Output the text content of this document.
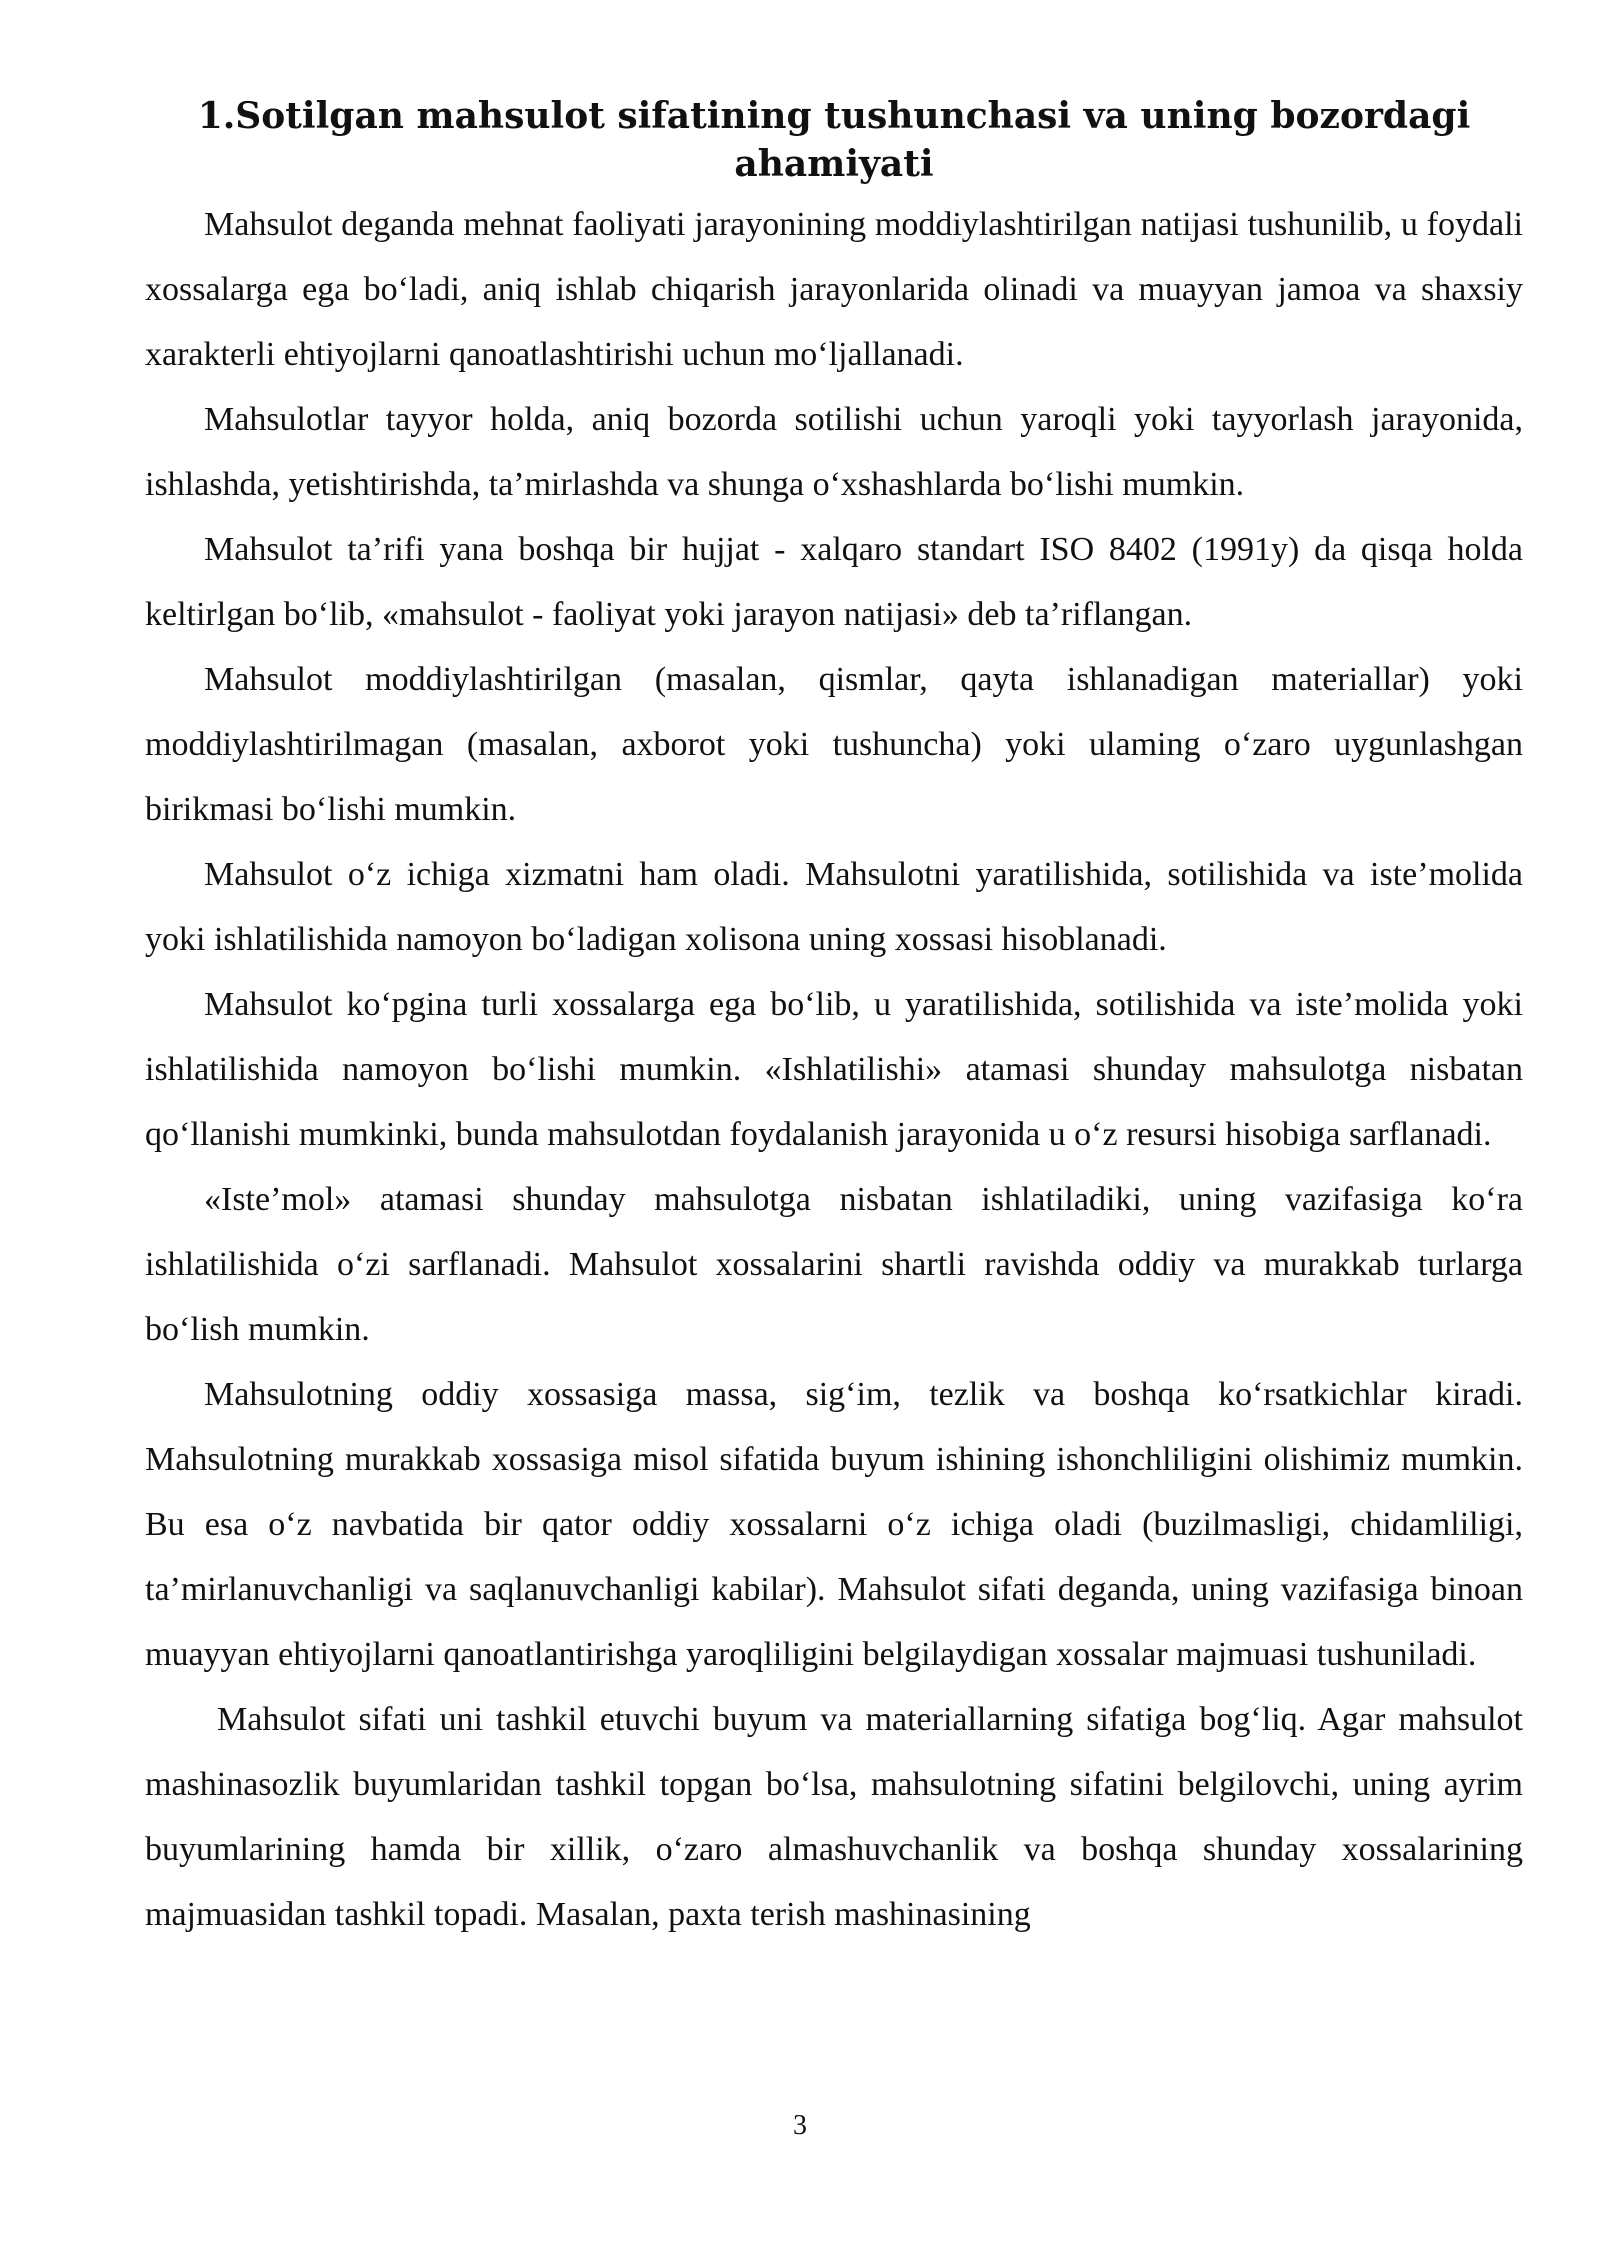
1.Sotilgan mahsulot sifatining tushunchasi va uning bozordagi ahamiyati

Mahsulot deganda mehnat faoliyati jarayonining moddiylashtirilgan natijasi tushunilib, u foydali xossalarga ega bo‘ladi, aniq ishlab chiqarish jarayonlarida olinadi va muayyan jamoa va shaxsiy xarakterli ehtiyojlarni qanoatlashtirishi uchun mo‘ljallanadi.

Mahsulotlar tayyor holda, aniq bozorda sotilishi uchun yaroqli yoki tayyorlash jarayonida, ishlashda, yetishtirishda, ta’mirlashda va shunga o‘xshashlarda bo‘lishi mumkin.

Mahsulot ta’rifi yana boshqa bir hujjat - xalqaro standart ISO 8402 (1991y) da qisqa holda keltirlgan bo‘lib, «mahsulot - faoliyat yoki jarayon natijasi» deb ta’riflangan.

Mahsulot moddiylashtirilgan (masalan, qismlar, qayta ishlanadigan materiallar) yoki moddiylashtirilmagan (masalan, axborot yoki tushuncha) yoki ulaming o‘zaro uygunlashgan birikmasi bo‘lishi mumkin.

Mahsulot o‘z ichiga xizmatni ham oladi. Mahsulotni yaratilishida, sotilishida va iste’molida yoki ishlatilishida namoyon bo‘ladigan xolisona uning xossasi hisoblanadi.

Mahsulot ko‘pgina turli xossalarga ega bo‘lib, u yaratilishida, sotilishida va iste’molida yoki ishlatilishida namoyon bo‘lishi mumkin. «Ishlatilishi» atamasi shunday mahsulotga nisbatan qo‘llanishi mumkinki, bunda mahsulotdan foydalanish jarayonida u o‘z resursi hisobiga sarflanadi.

«Iste’mol» atamasi shunday mahsulotga nisbatan ishlatiladiki, uning vazifasiga ko‘ra ishlatilishida o‘zi sarflanadi. Mahsulot xossalarini shartli ravishda oddiy va murakkab turlarga bo‘lish mumkin.

Mahsulotning oddiy xossasiga massa, sig‘im, tezlik va boshqa ko‘rsatkichlar kiradi. Mahsulotning murakkab xossasiga misol sifatida buyum ishining ishonchliligini olishimiz mumkin. Bu esa o‘z navbatida bir qator oddiy xossalarni o‘z ichiga oladi (buzilmasligi, chidamliligi, ta’mirlanuvchanligi va saqlanuvchanligi kabilar). Mahsulot sifati deganda, uning vazifasiga binoan muayyan ehtiyojlarni qanoatlantirishga yaroqliligini belgilaydigan xossalar majmuasi tushuniladi.

Mahsulot sifati uni tashkil etuvchi buyum va materiallarning sifatiga bog‘liq. Agar mahsulot mashinasozlik buyumlaridan tashkil topgan bo‘lsa, mahsulotning sifatini belgilovchi, uning ayrim buyumlarining hamda bir xillik, o‘zaro almashuvchanlik va boshqa shunday xossalarining majmuasidan tashkil topadi. Masalan, paxta terish mashinasining

3
